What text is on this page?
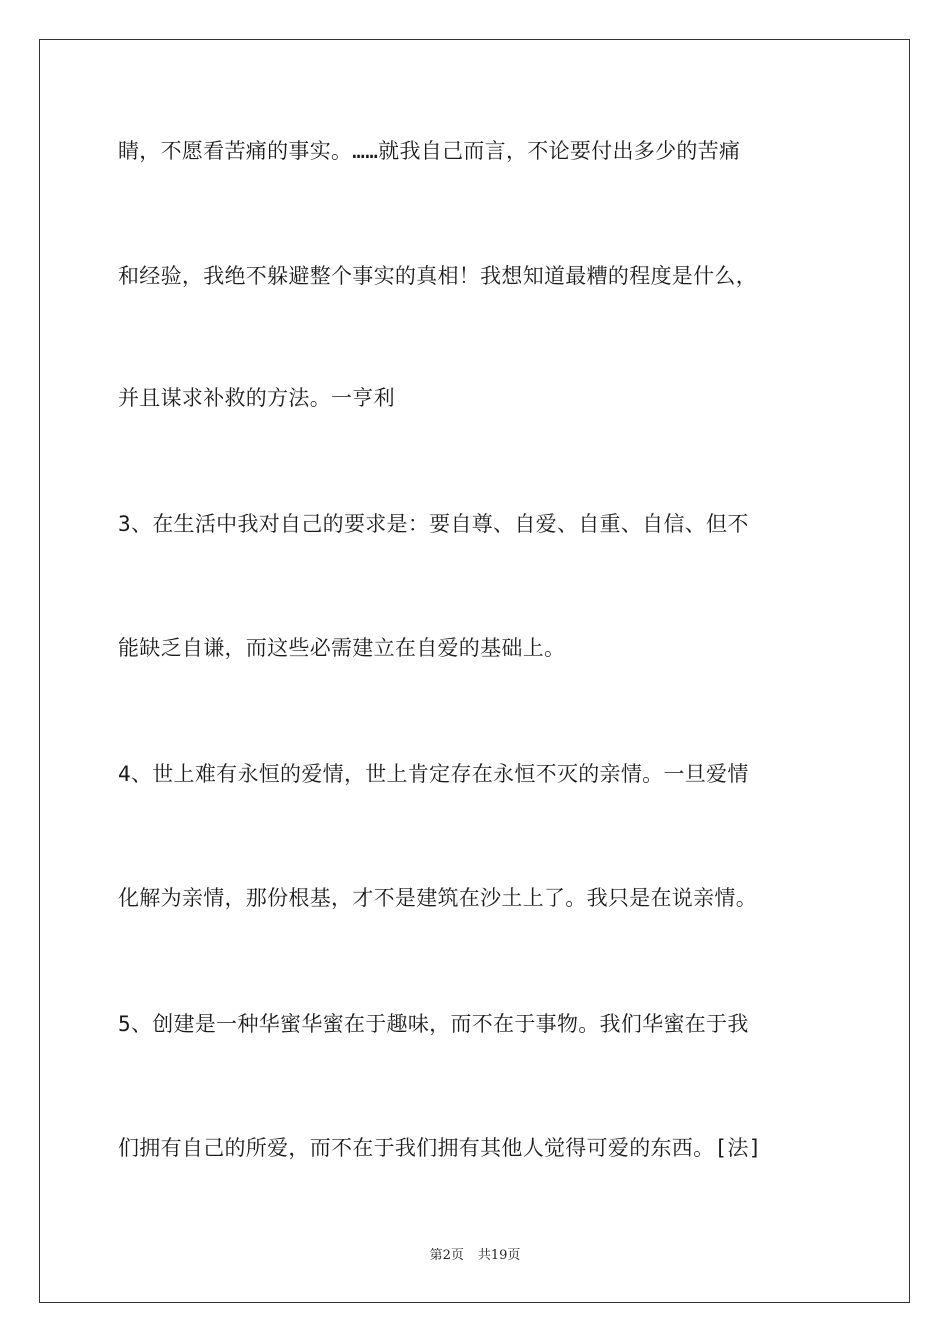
睛，不愿看苦痛的事实。……就我自己而言，不论要付出多少的苦痛
和经验，我绝不躲避整个事实的真相！我想知道最糟的程度是什么，
并且谋求补救的方法。一亨利
3、在生活中我对自己的要求是：要自尊、自爱、自重、自信、但不
能缺乏自谦，而这些必需建立在自爱的基础上。
4、世上难有永恒的爱情，世上肯定存在永恒不灭的亲情。一旦爱情
化解为亲情，那份根基，才不是建筑在沙土上了。我只是在说亲情。
5、创建是一种华蜜华蜜在于趣味，而不在于事物。我们华蜜在于我
们拥有自己的所爱，而不在于我们拥有其他人觉得可爱的东西。[法]
第2页 共19页
